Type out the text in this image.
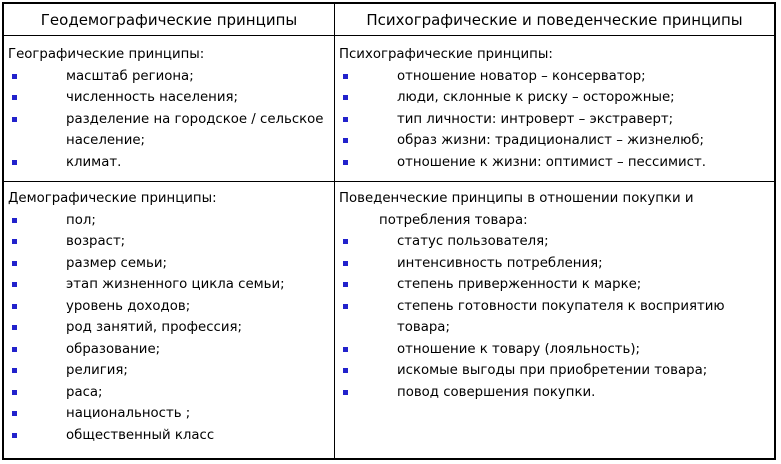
Геодемографические принципы	Психографические и поведенческие принципы
Географические принципы:
масштаб региона;
численность населения;
разделение на городское / сельское население;
климат.
Психографические принципы:
отношение новатор – консерватор;
люди, склонные к риску – осторожные;
тип личности: интроверт – экстраверт;
образ жизни: традиционалист – жизнелюб;
отношение к жизни: оптимист – пессимист.
Демографические принципы:
пол;
возраст;
размер семьи;
этап жизненного цикла семьи;
уровень доходов;
род занятий, профессия;
образование;
религия;
раса;
национальность ;
общественный класс
Поведенческие принципы в отношении покупки и
потребления товара:
статус пользователя;
интенсивность потребления;
степень приверженности к марке;
степень готовности покупателя к восприятию товара;
отношение к товару (лояльность);
искомые выгоды при приобретении товара;
повод совершения покупки.
